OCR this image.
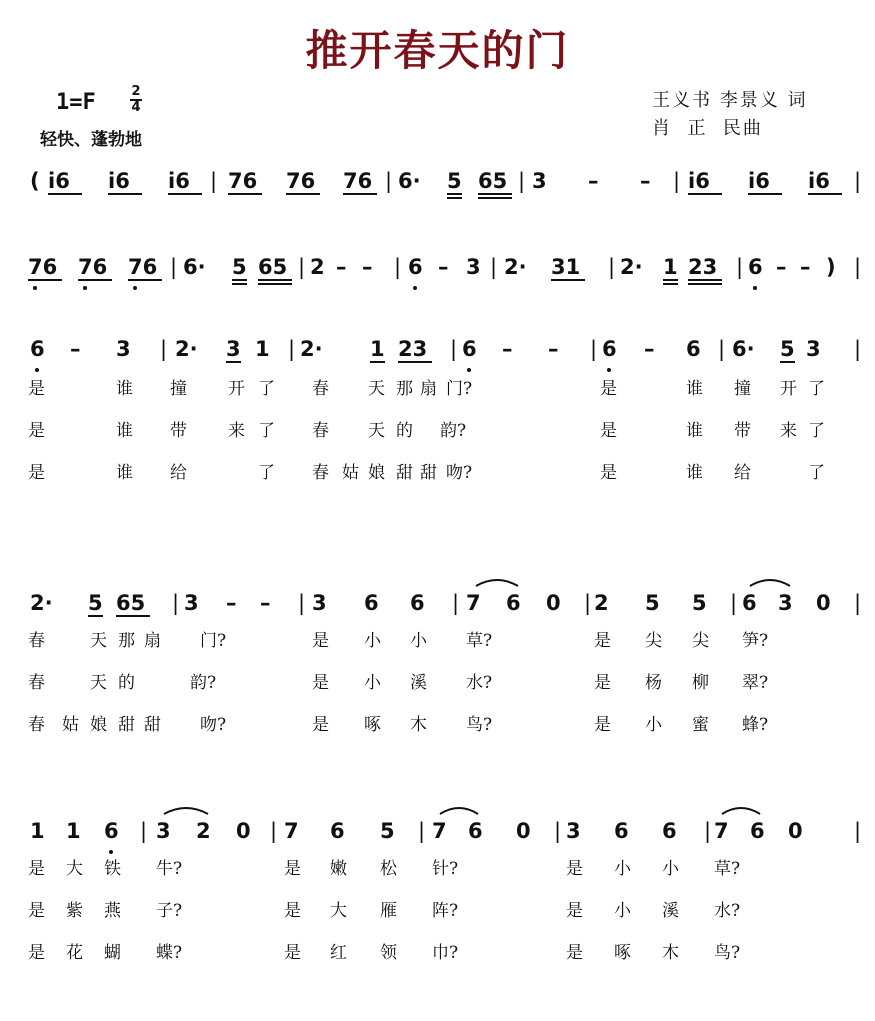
推开春天的门
1=F	2
4
轻快、蓬勃地
王义书 李景义 词
肖  正  民曲
( i6 i6 i6 | 76 76 76 | 6· 5 65 | 3 – – | i6 i6 i6 |
76 76 76 | 6· 5 65 | 2 – – | 6 – 3 | 2· 31 | 2· 1 23 | 6 – – ) |
6 – 3 | 2· 3 1 | 2· 1 23 | 6 – – | 6 – 6 | 6· 5 3 |
是	谁 撞 开 了 春 天 那 扇 门?	是	谁 撞 开 了
是	谁 带 来 了 春 天 的 韵?	是	谁 带 来 了
是	谁 给	了 春 姑 娘 甜 甜 吻?	是	谁 给	了
2· 5 65 | 3 – – | 3 6 6 | 7 6 0 | 2 5 5 | 6 3 0 |
春	天 那 扇 门?	是 小 小 草?	是 尖 尖 笋?
春	天 的	韵?	是 小 溪 水?	是 杨 柳 翠?
春 姑 娘 甜 甜 吻?	是 啄 木 鸟?	是 小 蜜 蜂?
1 1 6 | 3 2 0 | 7 6 5 | 7 6 0 | 3 6 6 | 7 6 0 |
是 大 铁 牛?	是 嫩 松 针?	是 小 小 草?
是 紫 燕 子?	是 大 雁 阵?	是 小 溪 水?
是 花 蝴 蝶?	是 红 领 巾?	是 啄 木 鸟?
